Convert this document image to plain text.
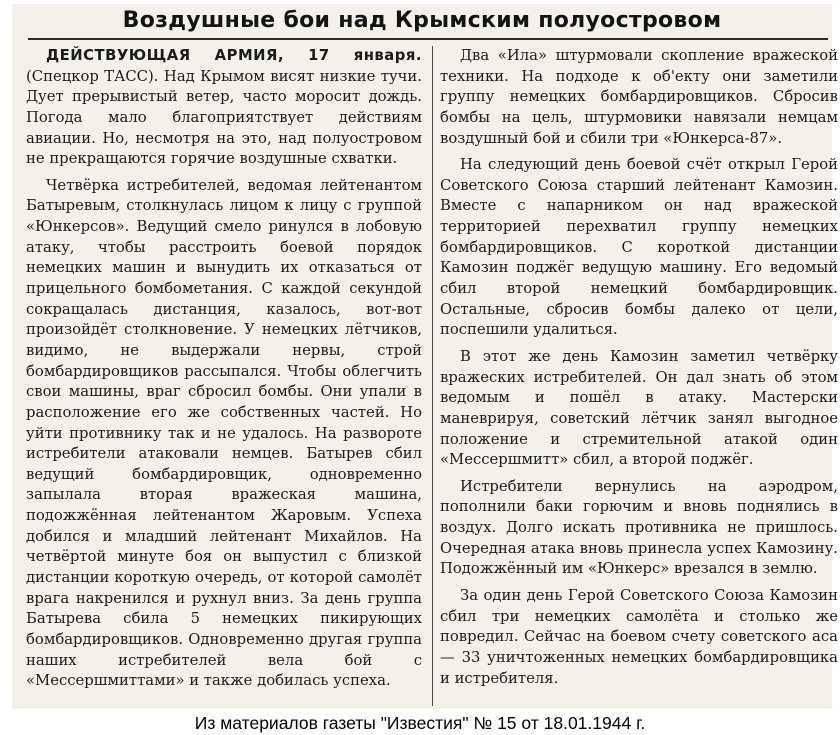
Воздушные бои над Крымским полуостровом

ДЕЙСТВУЮЩАЯ АРМИЯ, 17 января. (Спецкор ТАСС). Над Крымом висят низкие тучи. Дует прерывистый ветер, часто моросит дождь. Погода мало благоприятствует действиям авиации. Но, несмотря на это, над полуостровом не прекращаются горячие воздушные схватки.

Четвёрка истребителей, ведомая лейтенантом Батыревым, столкнулась лицом к лицу с группой «Юнкерсов». Ведущий смело ринулся в лобовую атаку, чтобы расстроить боевой порядок немецких машин и вынудить их отказаться от прицельного бомбометания. С каждой секундой сокращалась дистанция, казалось, вот-вот произойдёт столкновение. У немецких лётчиков, видимо, не выдержали нервы, строй бомбардировщиков рассыпался. Чтобы облегчить свои машины, враг сбросил бомбы. Они упали в расположение его же собственных частей. Но уйти противнику так и не удалось. На развороте истребители атаковали немцев. Батырев сбил ведущий бомбардировщик, одновременно запылала вторая вражеская машина, подожжённая лейтенантом Жаровым. Успеха добился и младший лейтенант Михайлов. На четвёртой минуте боя он выпустил с близкой дистанции короткую очередь, от которой самолёт врага накренился и рухнул вниз. За день группа Батырева сбила 5 немецких пикирующих бомбардировщиков. Одновременно другая группа наших истребителей вела бой с «Мессершмиттами» и также добилась успеха.

Два «Ила» штурмовали скопление вражеской техники. На подходе к об'екту они заметили группу немецких бомбардировщиков. Сбросив бомбы на цель, штурмовики навязали немцам воздушный бой и сбили три «Юнкерса-87».

На следующий день боевой счёт открыл Герой Советского Союза старший лейтенант Камозин. Вместе с напарником он над вражеской территорией перехватил группу немецких бомбардировщиков. С короткой дистанции Камозин поджёг ведущую машину. Его ведомый сбил второй немецкий бомбардировщик. Остальные, сбросив бомбы далеко от цели, поспешили удалиться.

В этот же день Камозин заметил четвёрку вражеских истребителей. Он дал знать об этом ведомым и пошёл в атаку. Мастерски маневрируя, советский лётчик занял выгодное положение и стремительной атакой один «Мессершмитт» сбил, а второй поджёг.

Истребители вернулись на аэродром, пополнили баки горючим и вновь поднялись в воздух. Долго искать противника не пришлось. Очередная атака вновь принесла успех Камозину. Подожжённый им «Юнкерс» врезался в землю.

За один день Герой Советского Союза Камозин сбил три немецких самолёта и столько же повредил. Сейчас на боевом счету советского аса — 33 уничтоженных немецких бомбардировщика и истребителя.

Из материалов газеты "Известия" № 15 от 18.01.1944 г.
